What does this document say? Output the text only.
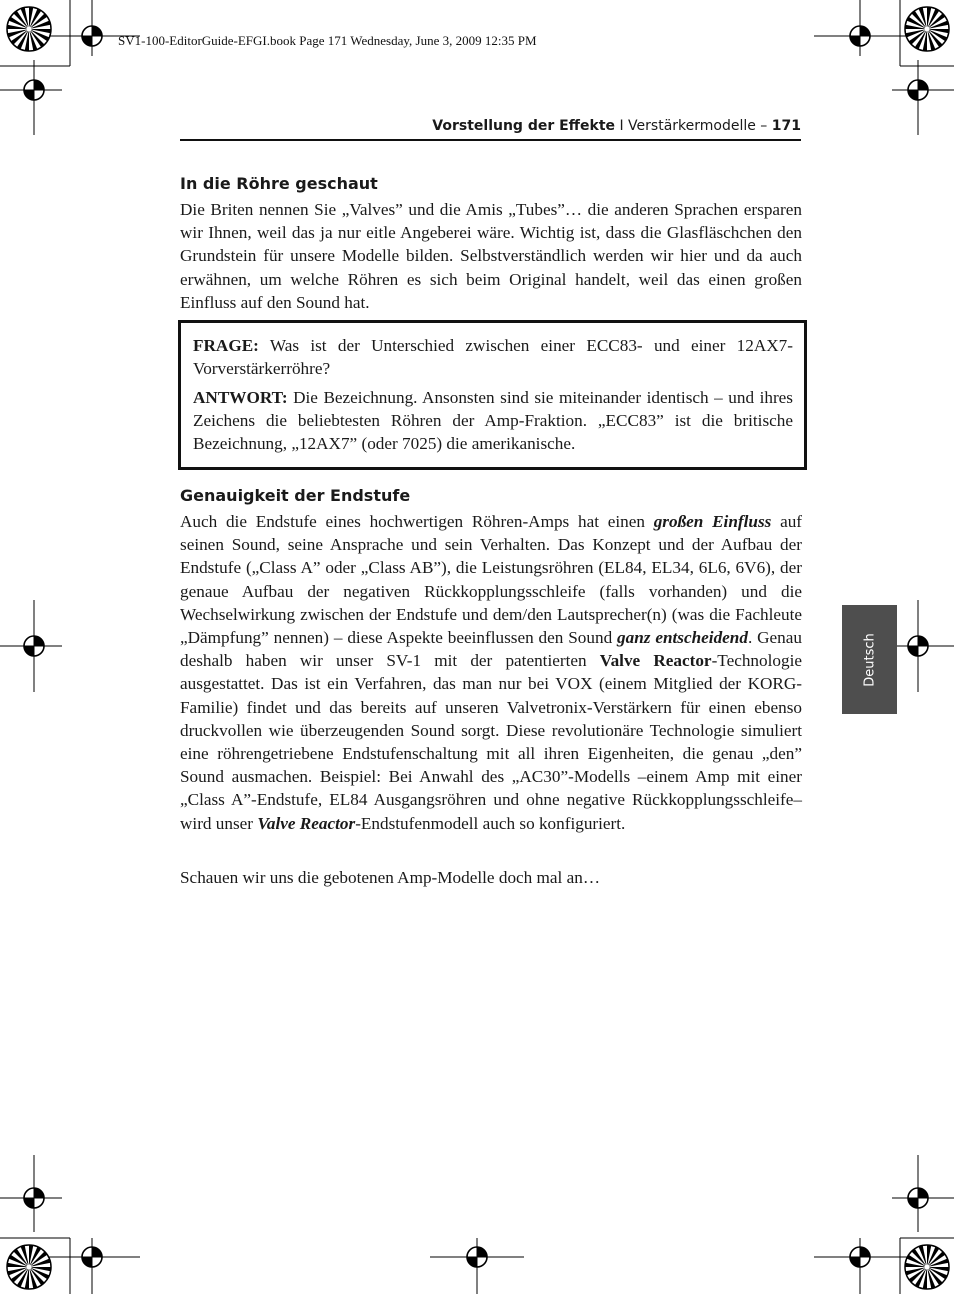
SV1-100-EditorGuide-EFGI.book Page 171 Wednesday, June 3, 2009 12:35 PM
Vorstellung der Effekte I Verstärkermodelle – 171
Deutsch
In die Röhre geschaut

Die Briten nennen Sie „Valves” und die Amis „Tubes”… die anderen Sprachen ersparen wir Ihnen, weil das ja nur eitle Angeberei wäre. Wichtig ist, dass die Glasfläschchen den Grundstein für unsere Modelle bilden. Selbstverständlich werden wir hier und da auch erwähnen, um welche Röhren es sich beim Original handelt, weil das einen großen Einfluss auf den Sound hat.

FRAGE: Was ist der Unterschied zwischen einer ECC83- und einer 12AX7-Vorverstärkerröhre?

ANTWORT: Die Bezeichnung. Ansonsten sind sie miteinander identisch – und ihres Zeichens die beliebtesten Röhren der Amp-Fraktion. „ECC83” ist die britische Bezeichnung, „12AX7” (oder 7025) die amerikanische.

Genauigkeit der Endstufe

Auch die Endstufe eines hochwertigen Röhren-Amps hat einen großen Einfluss auf seinen Sound, seine Ansprache und sein Verhalten. Das Konzept und der Aufbau der Endstufe („Class A” oder „Class AB”), die Leistungsröhren (EL84, EL34, 6L6, 6V6), der genaue Aufbau der negativen Rückkopplungsschleife (falls vorhanden) und die Wechselwirkung zwischen der Endstufe und dem/den Lautsprecher(n) (was die Fachleute „Dämpfung” nennen) – diese Aspekte beeinflussen den Sound ganz entscheidend. Genau deshalb haben wir unser SV-1 mit der patentierten Valve Reactor-Technologie ausgestattet. Das ist ein Verfahren, das man nur bei VOX (einem Mitglied der KORG-Familie) findet und das bereits auf unseren Valvetronix-Verstärkern für einen ebenso druckvollen wie überzeugenden Sound sorgt. Diese revolutionäre Technologie simuliert eine röhrengetriebene Endstufenschaltung mit all ihren Eigenheiten, die genau „den” Sound ausmachen. Beispiel: Bei Anwahl des „AC30”-Modells –einem Amp mit einer „Class A”-Endstufe, EL84 Ausgangsröhren und ohne negative Rückkopplungsschleife– wird unser Valve Reactor-Endstufenmodell auch so konfiguriert.

Schauen wir uns die gebotenen Amp-Modelle doch mal an…
